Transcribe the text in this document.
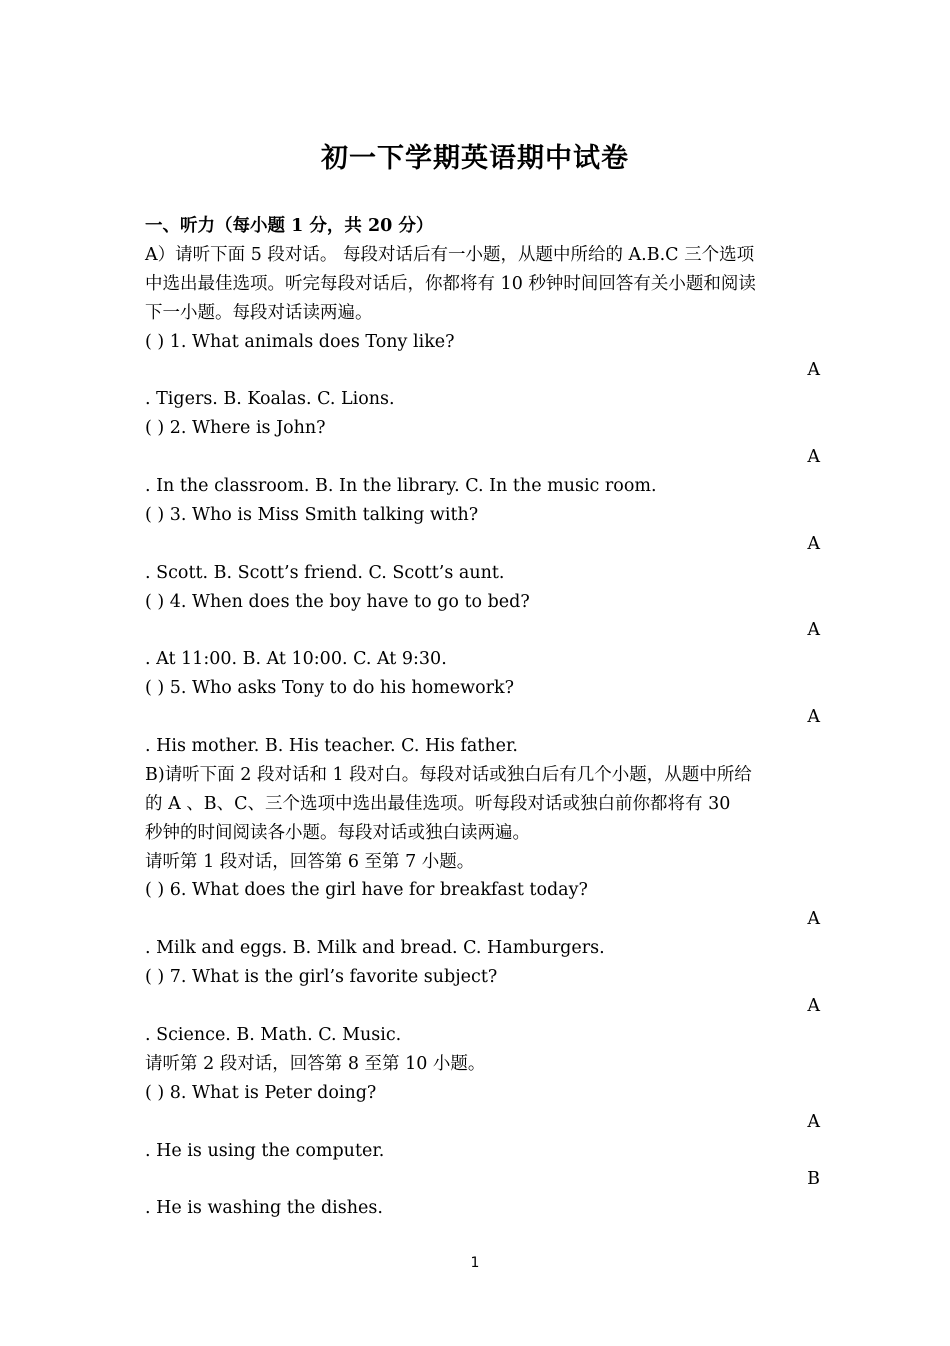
初一下学期英语期中试卷
一、听力（每小题 1 分，共 20 分）
A）请听下面 5 段对话。 每段对话后有一小题，从题中所给的 A.B.C 三个选项
中选出最佳选项。听完每段对话后，你都将有 10 秒钟时间回答有关小题和阅读
下一小题。每段对话读两遍。
( ) 1. What animals does Tony like?
A
. Tigers. B. Koalas. C. Lions.
( ) 2. Where is John?
A
. In the classroom. B. In the library. C. In the music room.
( ) 3. Who is Miss Smith talking with?
A
. Scott. B. Scott’s friend. C. Scott’s aunt.
( ) 4. When does the boy have to go to bed?
A
. At 11:00. B. At 10:00. C. At 9:30.
( ) 5. Who asks Tony to do his homework?
A
. His mother. B. His teacher. C. His father.
B)请听下面 2 段对话和 1 段对白。每段对话或独白后有几个小题，从题中所给
的 A 、B、C、三个选项中选出最佳选项。听每段对话或独白前你都将有 30
秒钟的时间阅读各小题。每段对话或独白读两遍。
请听第 1 段对话，回答第 6 至第 7 小题。
( ) 6. What does the girl have for breakfast today?
A
. Milk and eggs. B. Milk and bread. C. Hamburgers.
( ) 7. What is the girl’s favorite subject?
A
. Science. B. Math. C. Music.
请听第 2 段对话，回答第 8 至第 10 小题。
( ) 8. What is Peter doing?
A
. He is using the computer.
B
. He is washing the dishes.
1
